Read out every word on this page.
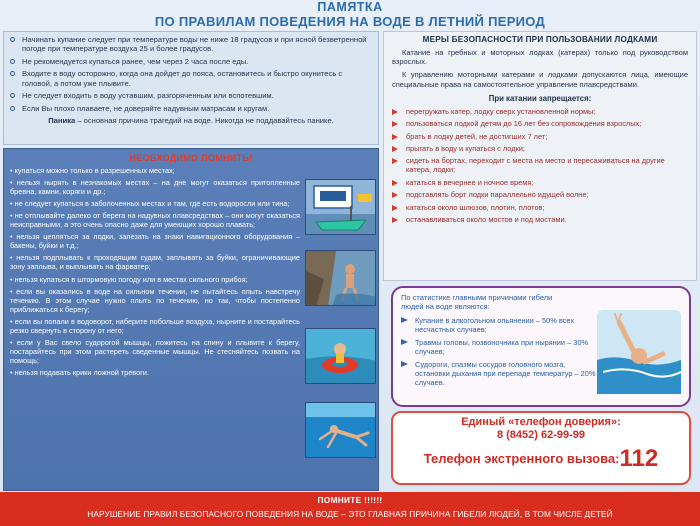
ПАМЯТКА
ПО ПРАВИЛАМ ПОВЕДЕНИЯ НА ВОДЕ В ЛЕТНИЙ ПЕРИОД
Начинать купание следует при температуре воды не ниже 18 градусов и при ясной безветренной погоде при температуре воздуха 25 и более градусов.
Не рекомендуется купаться ранее, чем через 2 часа после еды.
Входите в воду осторожно, когда она дойдет до пояса, остановитесь и быстро окунитесь с головой, а потом уже плывите.
Не следует входить в воду уставшим, разгоряченным или вспотевшим.
Если Вы плохо плаваете, не доверяйте надувным матрасам и кругам.
Паника – основная причина трагедий на воде. Никогда не поддавайтесь панике.
НЕОБХОДИМО ПОМНИТЬ!
• купаться можно только в разрешенных местах;
• нельзя нырять в незнакомых местах – на дне могут оказаться притопленные бревна, камни, коряги и др.;
• не следует купаться в заболоченных местах и там, где есть водоросли или тина;
• не отплывайте далеко от берега на надувных плавсредствах – они могут оказаться неисправными, а это очень опасно даже для умеющих хорошо плавать;
• нельзя цепляться за лодки, залезать на знаки навигационного оборудования – бакены, буйки и т.д.;
• нельзя подплывать к проходящим судам, заплывать за буйки, ограничивающие зону заплыва, и выплывать на фарватер;
• нельзя купаться в штормовую погоду или в местах сильного прибоя;
• если вы оказались в воде на сильном течении, не пытайтесь плыть навстречу течению. В этом случае нужно плыть по течению, но так, чтобы постепенно приближаться к берегу;
• если вы попали в водоворот, наберите побольше воздуха, нырните и постарайтесь резко свернуть в сторону от него;
• если у Вас свело судорогой мышцы, ложитесь на спину и плывите к берегу, постарайтесь при этом растереть сведенные мышцы. Не стесняйтесь позвать на помощь;
• нельзя подавать крики ложной тревоги.
МЕРЫ БЕЗОПАСНОСТИ ПРИ ПОЛЬЗОВАНИИ ЛОДКАМИ
Катание на гребных и моторных лодках (катерах) только под руководством взрослых.
К управлению моторными катерами и лодками допускаются лица, имеющие специальные права на самостоятельное управление плавсредствами.
При катании запрещается:
перегружать катер, лодку сверх установленной нормы;
пользоваться лодкой детям до 16 лет без сопровождения взрослых;
брать в лодку детей, не достигших 7 лет;
прыгать в воду и купаться с лодки;
сидеть на бортах, переходит с места на место и пересаживаться на другие катера, лодки;
кататься в вечернее и ночное время;
подставлять борт лодки параллельно идущей волне;
кататься около шлюзов, плотин, плотов;
останавливаться около мостов и под мостами.
По статистике главными причинами гибели людей на воде являются:
Купание в алкогольном опьянении – 50% всех несчастных случаев;
Травмы головы, позвоночника при нырянии – 30% случаев;
Судороги, спазмы сосудов головного мозга, остановки дыхания при перепаде температур – 20% случаев.
Единый «телефон доверия»:
8 (8452) 62-99-99
Телефон экстренного вызова:112
ПОМНИТЕ !!!!!!
НАРУШЕНИЕ ПРАВИЛ БЕЗОПАСНОГО ПОВЕДЕНИЯ НА ВОДЕ – ЭТО ГЛАВНАЯ ПРИЧИНА ГИБЕЛИ ЛЮДЕЙ, В ТОМ ЧИСЛЕ ДЕТЕЙ
